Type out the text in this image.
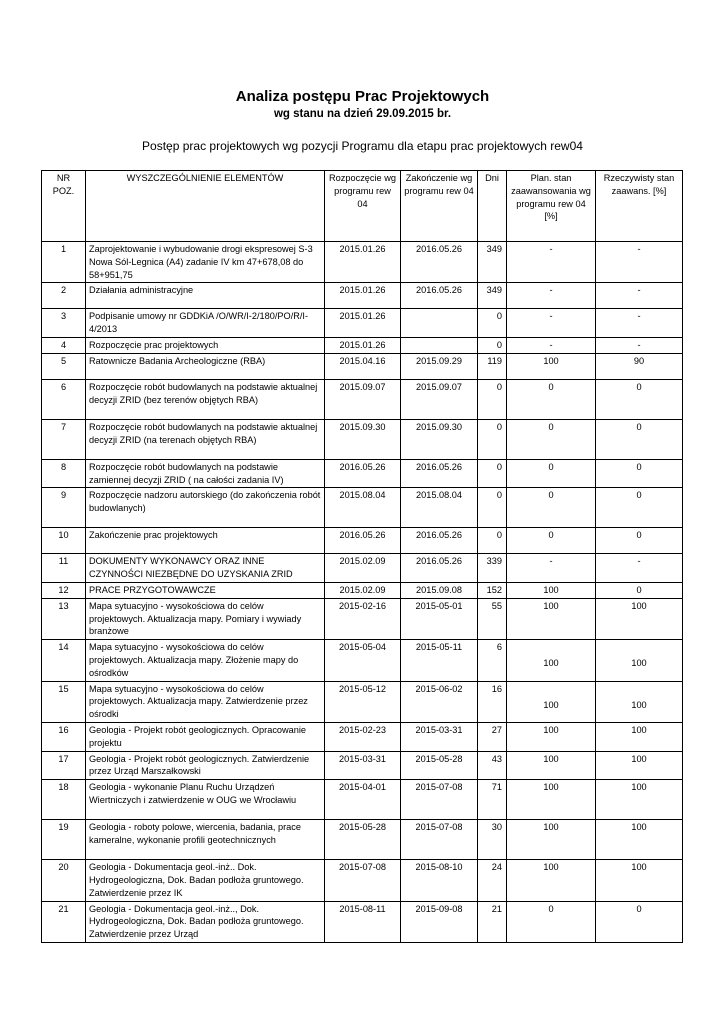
Analiza postępu Prac Projektowych
wg stanu na dzień 29.09.2015 br.
Postęp prac projektowych wg pozycji Programu dla etapu prac projektowych rew04
NR POZ.	WYSZCZEGÓLNIENIE ELEMENTÓW	Rozpoczęcie wg programu rew 04	Zakończenie wg programu rew 04	Dni	Plan. stan zaawansowania wg programu rew 04 [%]	Rzeczywisty stan zaawans. [%]
1	Zaprojektowanie i wybudowanie drogi ekspresowej S-3 Nowa Sól-Legnica (A4) zadanie IV km 47+678,08 do 58+951,75	2015.01.26	2016.05.26	349	-	-
2	Działania administracyjne	2015.01.26	2016.05.26	349	-	-
3	Podpisanie umowy nr GDDKiA /O/WR/I-2/180/PO/R/I-4/2013	2015.01.26		0	-	-
4	Rozpoczęcie prac projektowych	2015.01.26		0	-	-
5	Ratownicze Badania Archeologiczne (RBA)	2015.04.16	2015.09.29	119	100	90
6	Rozpoczęcie robót budowlanych na podstawie aktualnej decyzji ZRID (bez terenów objętych RBA)	2015.09.07	2015.09.07	0	0	0
7	Rozpoczęcie robót budowlanych na podstawie aktualnej decyzji ZRID (na terenach objętych RBA)	2015.09.30	2015.09.30	0	0	0
8	Rozpoczęcie robót budowlanych na podstawie zamiennej decyzji ZRID ( na całości zadania IV)	2016.05.26	2016.05.26	0	0	0
9	Rozpoczęcie nadzoru autorskiego (do zakończenia robót budowlanych)	2015.08.04	2015.08.04	0	0	0
10	Zakończenie prac projektowych	2016.05.26	2016.05.26	0	0	0
11	DOKUMENTY WYKONAWCY ORAZ INNE CZYNNOŚCI NIEZBĘDNE DO UZYSKANIA ZRID	2015.02.09	2016.05.26	339	-	-
12	PRACE PRZYGOTOWAWCZE	2015.02.09	2015.09.08	152	100	0
13	Mapa sytuacyjno - wysokościowa do celów projektowych. Aktualizacja mapy. Pomiary i wywiady branżowe	2015-02-16	2015-05-01	55	100	100
14	Mapa sytuacyjno - wysokościowa do celów projektowych. Aktualizacja mapy. Złożenie mapy do ośrodków	2015-05-04	2015-05-11	6	100	100
15	Mapa sytuacyjno - wysokościowa do celów projektowych. Aktualizacja mapy. Zatwierdzenie przez ośrodki	2015-05-12	2015-06-02	16	100	100
16	Geologia - Projekt robót geologicznych. Opracowanie projektu	2015-02-23	2015-03-31	27	100	100
17	Geologia - Projekt robót geologicznych. Zatwierdzenie przez Urząd Marszałkowski	2015-03-31	2015-05-28	43	100	100
18	Geologia - wykonanie Planu Ruchu Urządzeń Wiertniczych i zatwierdzenie w OUG we Wrocławiu	2015-04-01	2015-07-08	71	100	100
19	Geologia - roboty polowe, wiercenia, badania, prace kameralne, wykonanie profili geotechnicznych	2015-05-28	2015-07-08	30	100	100
20	Geologia - Dokumentacja geol.-inż.. Dok. Hydrogeologiczna, Dok. Badan podłoża gruntowego. Zatwierdzenie przez IK	2015-07-08	2015-08-10	24	100	100
21	Geologia - Dokumentacja geol.-inż.., Dok. Hydrogeologiczna, Dok. Badan podłoża gruntowego. Zatwierdzenie przez Urząd	2015-08-11	2015-09-08	21	0	0
